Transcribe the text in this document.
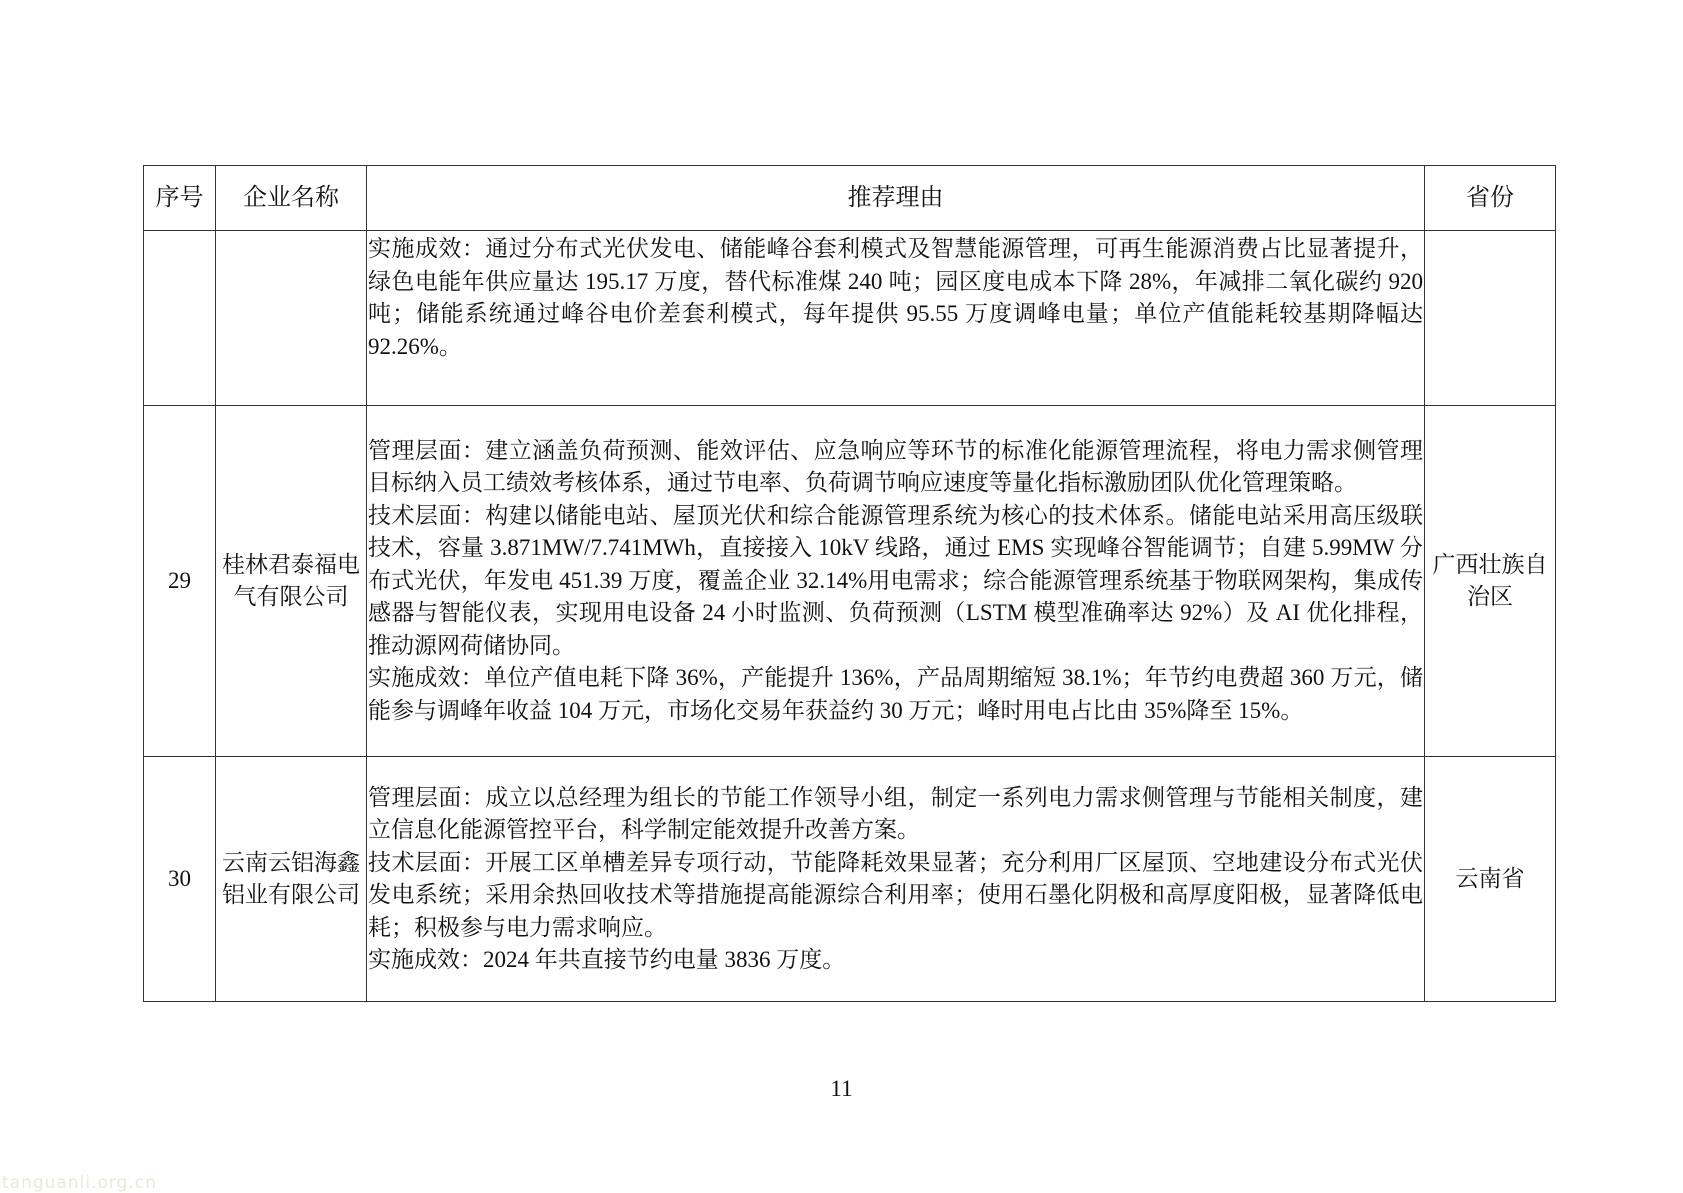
序号	企业名称	推荐理由	省份

		实施成效：通过分布式光伏发电、储能峰谷套利模式及智慧能源管理，可再生能源消费占比显著提升，绿色电能年供应量达 195.17 万度，替代标准煤 240 吨；园区度电成本下降 28%，年减排二氧化碳约 920 吨；储能系统通过峰谷电价差套利模式，每年提供 95.55 万度调峰电量；单位产值能耗较基期降幅达 92.26%。	

29	桂林君泰福电气有限公司	管理层面：建立涵盖负荷预测、能效评估、应急响应等环节的标准化能源管理流程，将电力需求侧管理目标纳入员工绩效考核体系，通过节电率、负荷调节响应速度等量化指标激励团队优化管理策略。

技术层面：构建以储能电站、屋顶光伏和综合能源管理系统为核心的技术体系。储能电站采用高压级联技术，容量 3.871MW/7.741MWh，直接接入 10kV 线路，通过 EMS 实现峰谷智能调节；自建 5.99MW 分布式光伏，年发电 451.39 万度，覆盖企业 32.14%用电需求；综合能源管理系统基于物联网架构，集成传感器与智能仪表，实现用电设备 24 小时监测、负荷预测（LSTM 模型准确率达 92%）及 AI 优化排程，推动源网荷储协同。

实施成效：单位产值电耗下降 36%，产能提升 136%，产品周期缩短 38.1%；年节约电费超 360 万元，储能参与调峰年收益 104 万元，市场化交易年获益约 30 万元；峰时用电占比由 35%降至 15%。	广西壮族自治区
30	云南云铝海鑫铝业有限公司	管理层面：成立以总经理为组长的节能工作领导小组，制定一系列电力需求侧管理与节能相关制度，建立信息化能源管控平台，科学制定能效提升改善方案。

技术层面：开展工区单槽差异专项行动，节能降耗效果显著；充分利用厂区屋顶、空地建设分布式光伏发电系统；采用余热回收技术等措施提高能源综合利用率；使用石墨化阴极和高厚度阳极，显著降低电耗；积极参与电力需求响应。

实施成效：2024 年共直接节约电量 3836 万度。	云南省
11
tanguanli.org.cn
